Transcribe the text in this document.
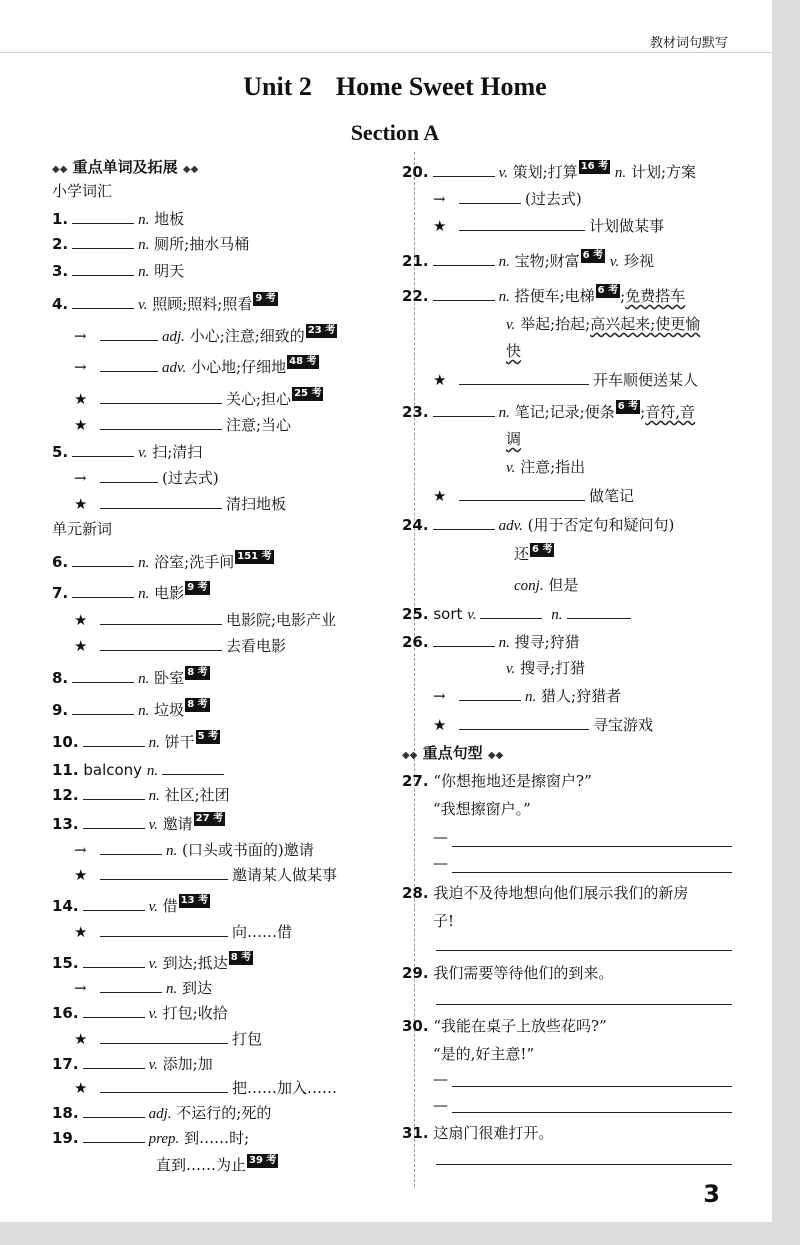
教材词句默写
Unit 2 Home Sweet Home
Section A
◆◆ 重点单词及拓展 ◆◆
小学词汇
1.	n. 地板
2.	n. 厕所;抽水马桶
3.	n. 明天
4.	v. 照顾;照料;照看 9 考
→	adj. 小心;注意;细致的 23 考
→	adv. 小心地;仔细地 48 考
★	关心;担心 25 考
★	注意;当心
5.	v. 扫;清扫
→	(过去式)
★	清扫地板
单元新词
6.	n. 浴室;洗手间 151 考
7.	n. 电影 9 考
★	电影院;电影产业
★	去看电影
8.	n. 卧室 8 考
9.	n. 垃圾 8 考
10.	n. 饼干 5 考
11. balcony n.
12.	n. 社区;社团
13.	v. 邀请 27 考
→	n. (口头或书面的)邀请
★	邀请某人做某事
14.	v. 借 13 考
★	向……借
15.	v. 到达;抵达 8 考
→	n. 到达
16.	v. 打包;收拾
★	打包
17.	v. 添加;加
★	把……加入……
18.	adj. 不运行的;死的
19.	prep. 到……时;
直到……为止 39 考
20.	v. 策划;打算 16 考 n. 计划;方案
→	(过去式)
★	计划做某事
21.	n. 宝物;财富 6 考 v. 珍视
22.	n. 搭便车;电梯 6 考 ;免费搭车
v. 举起;抬起;高兴起来;使更愉
快
★	开车顺便送某人
23.	n. 笔记;记录;便条 6 考 ;音符,音
调
v. 注意;指出
★	做笔记
24.	adv. (用于否定句和疑问句)
还 6 考
conj. 但是
25. sort v.	n.
26.	n. 搜寻;狩猎
v. 搜寻;打猎
→	n. 猎人;狩猎者
★	寻宝游戏
◆◆ 重点句型 ◆◆
27. “你想拖地还是擦窗户?”
“我想擦窗户。”
—
—
28. 我迫不及待地想向他们展示我们的新房
子!
29. 我们需要等待他们的到来。
30. “我能在桌子上放些花吗?”
“是的,好主意!”
—
—
31. 这扇门很难打开。
3
